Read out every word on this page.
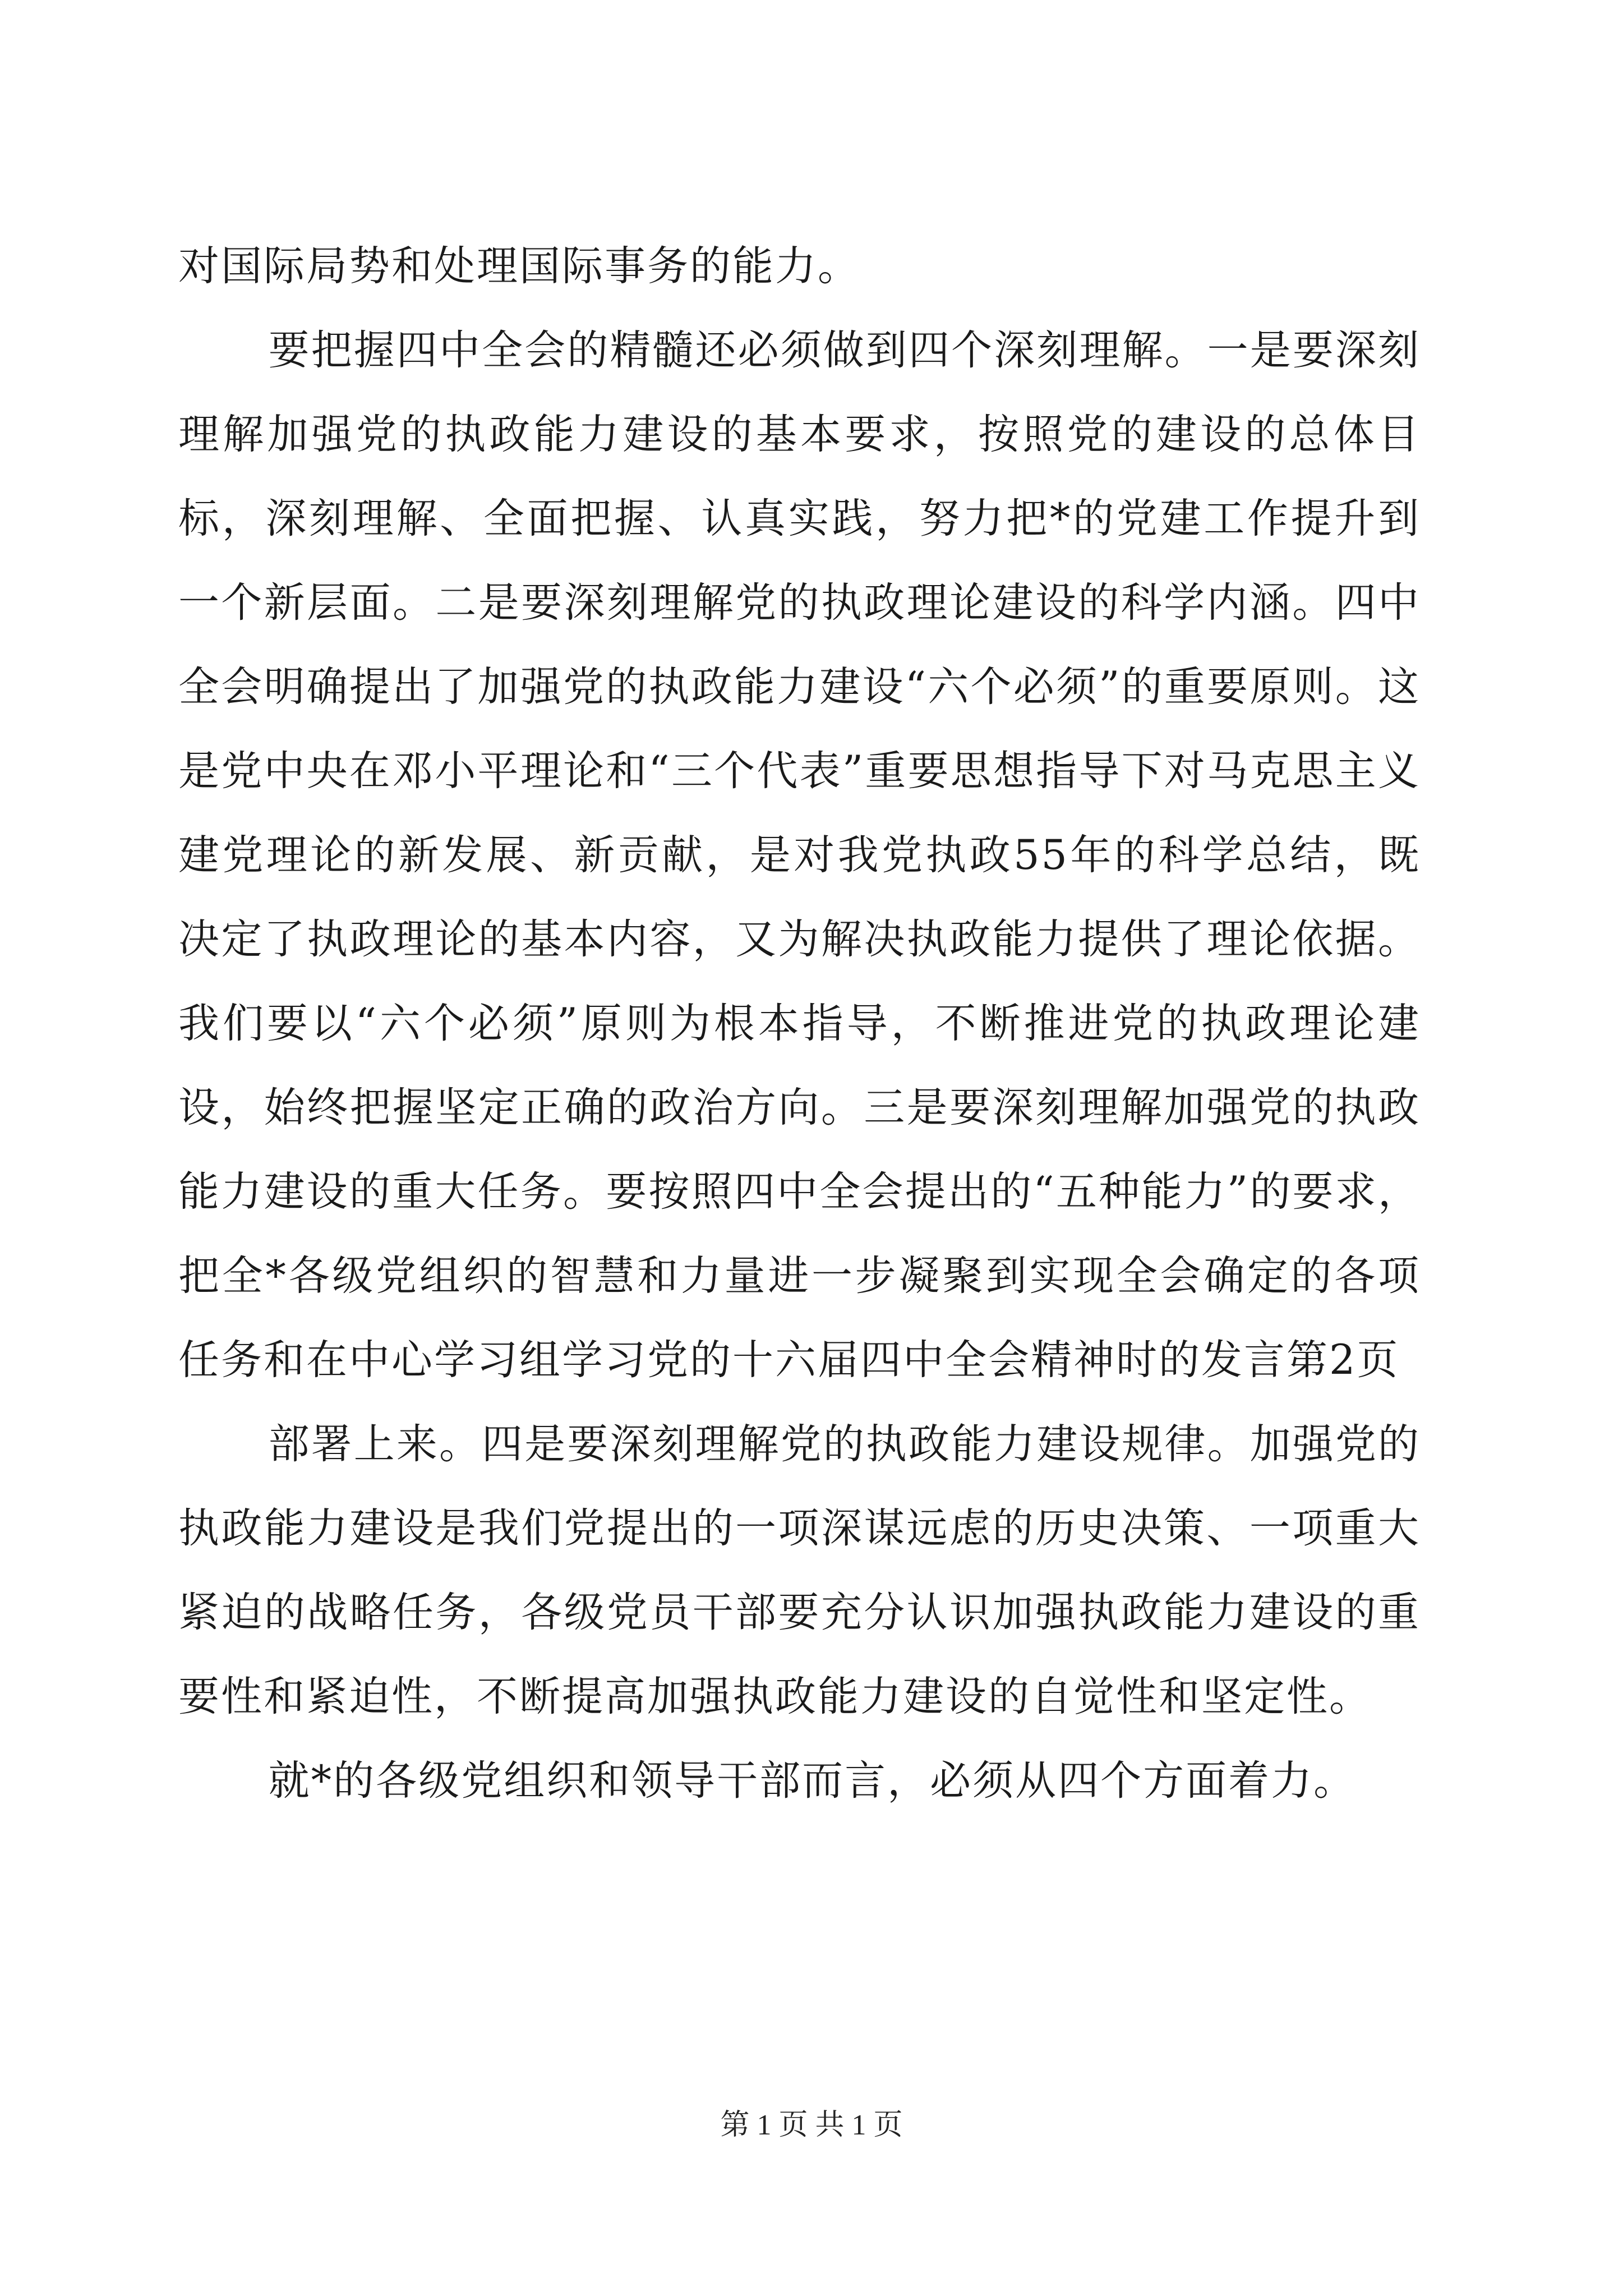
对国际局势和处理国际事务的能力。

要把握四中全会的精髓还必须做到四个深刻理解。一是要深刻理解加强党的执政能力建设的基本要求，按照党的建设的总体目标，深刻理解、全面把握、认真实践，努力把*的党建工作提升到一个新层面。二是要深刻理解党的执政理论建设的科学内涵。四中全会明确提出了加强党的执政能力建设“六个必须”的重要原则。这是党中央在邓小平理论和“三个代表”重要思想指导下对马克思主义建党理论的新发展、新贡献，是对我党执政55年的科学总结，既决定了执政理论的基本内容，又为解决执政能力提供了理论依据。我们要以“六个必须”原则为根本指导，不断推进党的执政理论建设，始终把握坚定正确的政治方向。三是要深刻理解加强党的执政能力建设的重大任务。要按照四中全会提出的“五种能力”的要求，把全*各级党组织的智慧和力量进一步凝聚到实现全会确定的各项任务和在中心学习组学习党的十六届四中全会精神时的发言第2页

部署上来。四是要深刻理解党的执政能力建设规律。加强党的执政能力建设是我们党提出的一项深谋远虑的历史决策、一项重大紧迫的战略任务，各级党员干部要充分认识加强执政能力建设的重要性和紧迫性，不断提高加强执政能力建设的自觉性和坚定性。

就*的各级党组织和领导干部而言，必须从四个方面着力。

第 1 页 共 1 页
